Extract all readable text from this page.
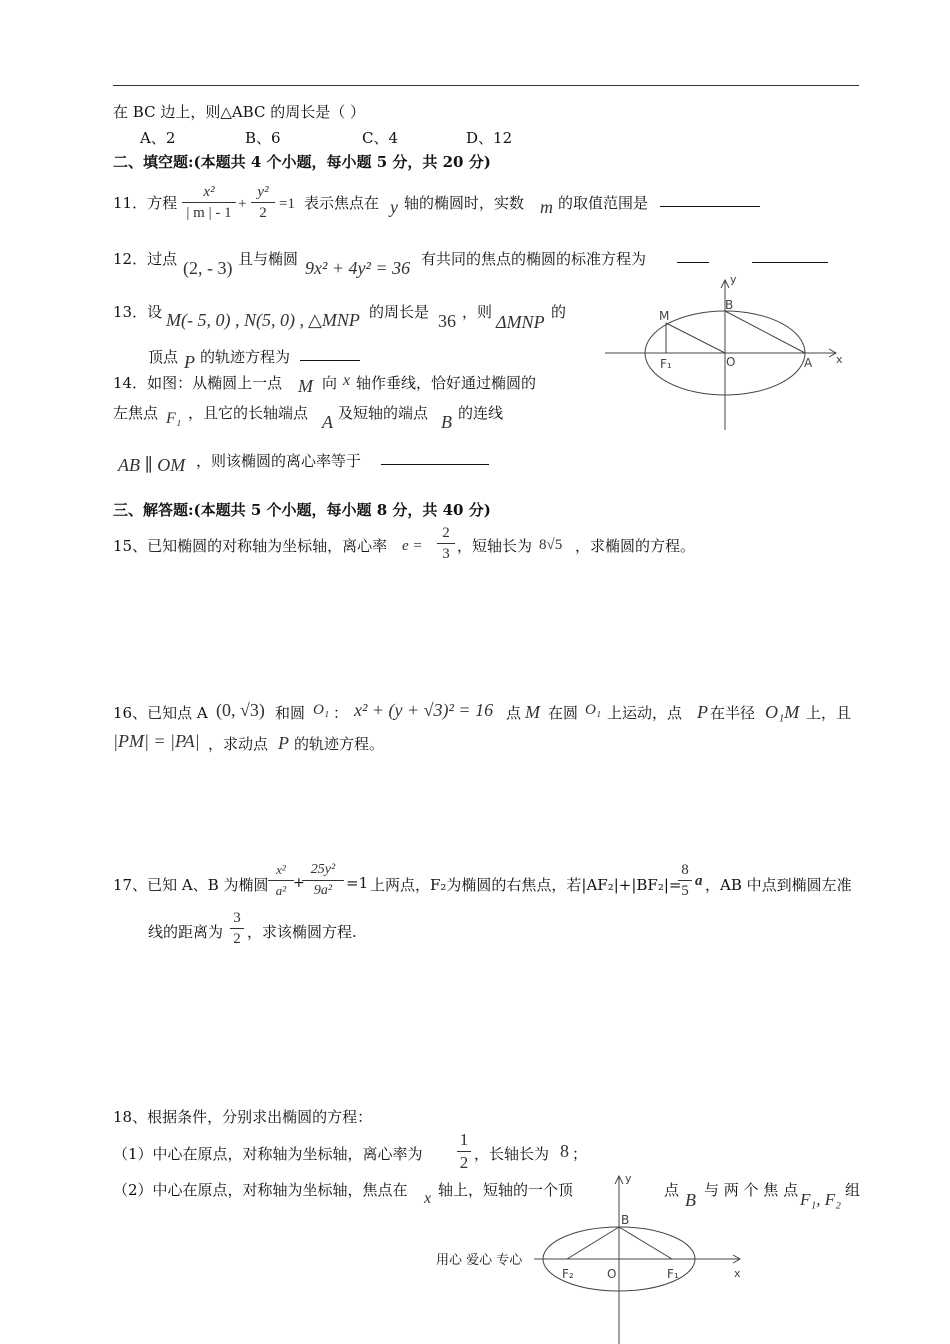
在 BC 边上，则△ABC 的周长是（ ）
A、2	B、6	C、4	D、12
二、填空题:(本题共 4 个小题，每小题 5 分，共 20 分)
11．方程
x²
| m | - 1
+
y²
2
=1 表示焦点在 y 轴的椭圆时，实数 m 的取值范围是
12．过点 (2, - 3) 且与椭圆 9x² + 4y² = 36 有共同的焦点的椭圆的标准方程为
13．设 M(- 5, 0) , N(5, 0) , △MNP 的周长是 36 ，则 ΔMNP 的
顶点 P 的轨迹方程为
14．如图：从椭圆上一点 M 向 x 轴作垂线，恰好通过椭圆的
左焦点 F₁ ，且它的长轴端点 A 及短轴的端点 B 的连线
AB ∥ OM ，则该椭圆的离心率等于
y
x
M
B
F₁	O	A
三、解答题:(本题共 5 个小题，每小题 8 分，共 40 分)
15、已知椭圆的对称轴为坐标轴，离心率 e =
2
3 ，短轴长为 8√5 ，求椭圆的方程。
16、已知点 A (0, √3) 和圆 O₁ ： x² + (y + √3)² = 16 点 M 在圆 O₁ 上运动，点 P 在半径 O₁M 上，且
|PM| = |PA| ，求动点 P 的轨迹方程。
17、已知 A、B 为椭圆
x²
a² +
25y²
9a² =1 上两点，F₂为椭圆的右焦点，若|AF₂|+|BF₂|=
8
5
a ，AB 中点到椭圆左准
线的距离为
3
2 ，求该椭圆方程.
18、根据条件，分别求出椭圆的方程：
（1）中心在原点，对称轴为坐标轴，离心率为
1
2 ，长轴长为 8 ；
（2）中心在原点，对称轴为坐标轴，焦点在 x 轴上，短轴的一个顶	点 B 与 两 个 焦 点 F₁, F₂ 组
y
x
B
F₂	O	F₁
用心 爱心 专心
